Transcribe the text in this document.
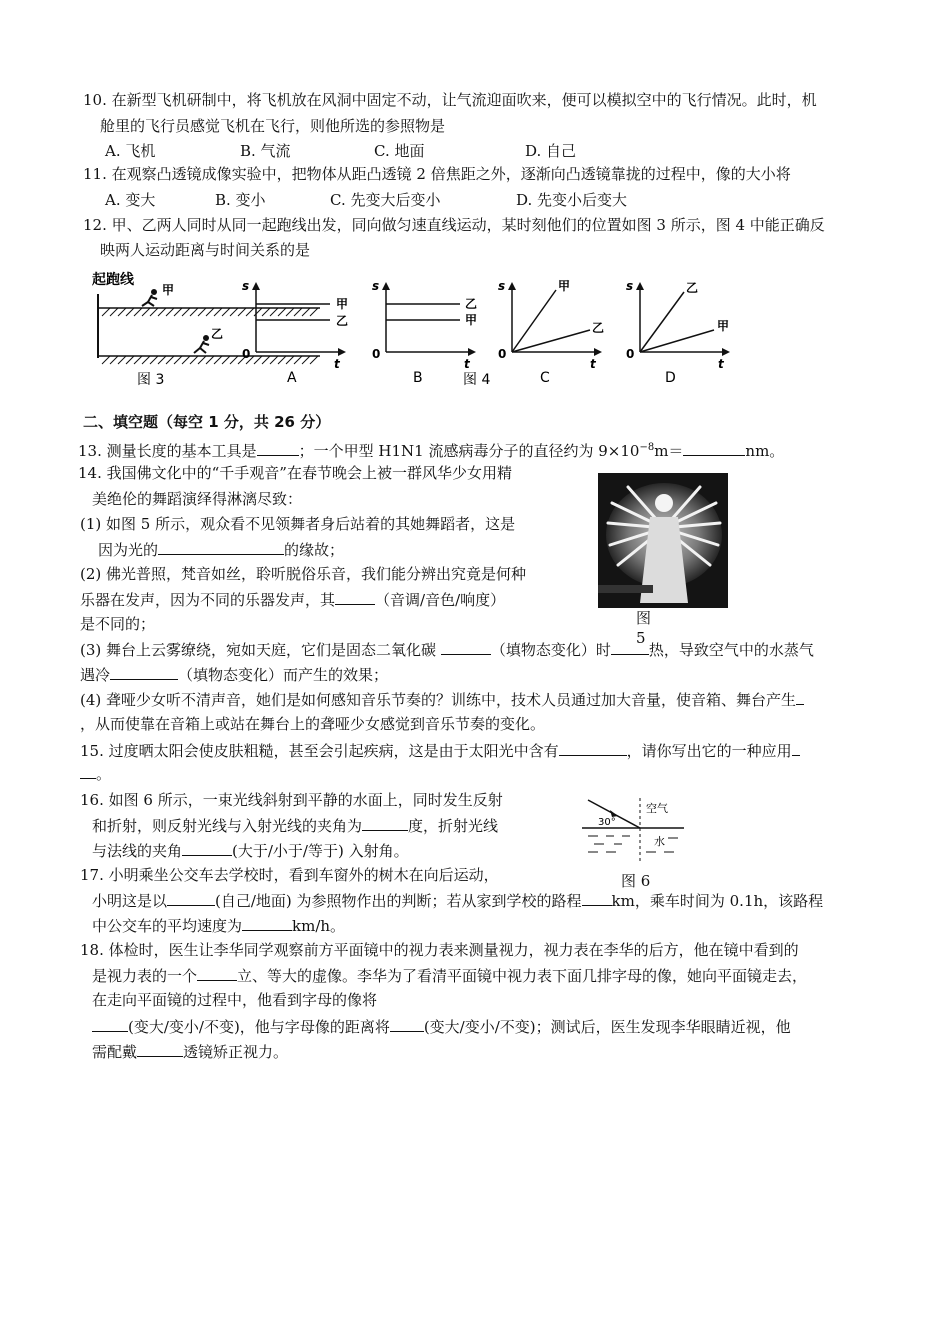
10. 在新型飞机研制中，将飞机放在风洞中固定不动，让气流迎面吹来，便可以模拟空中的飞行情况。此时，机
舱里的飞行员感觉飞机在飞行，则他所选的参照物是
A. 飞机	B. 气流	C. 地面	D. 自己
11. 在观察凸透镜成像实验中，把物体从距凸透镜 2 倍焦距之外，逐渐向凸透镜靠拢的过程中，像的大小将
A. 变大	B. 变小	C. 先变大后变小	D. 先变小后变大
12. 甲、乙两人同时从同一起跑线出发，同向做匀速直线运动，某时刻他们的位置如图 3 所示，图 4 中能正确反
映两人运动距离与时间关系的是
起跑线
甲
乙
图 3
s
0
t
甲
乙
A
s
0
t
乙
甲
B	图 4
s
0
t
甲
乙
C
s
0
t
乙
甲
D
二、填空题（每空 1 分，共 26 分）
13. 测量长度的基本工具是	；一个甲型 H1N1 流感病毒分子的直径约为 $9\times 10^{-8}m=$	nm。
14. 我国佛文化中的“千手观音”在春节晚会上被一群风华少女用精
美绝伦的舞蹈演绎得淋漓尽致：
(1) 如图 5 所示，观众看不见领舞者身后站着的其她舞蹈者，这是
因为光的	的缘故；
(2) 佛光普照，梵音如丝，聆听脱俗乐音，我们能分辨出究竟是何种
乐器在发声，因为不同的乐器发声，其	（音调/音色/响度）
是不同的；	图
5
(3) 舞台上云雾缭绕，宛如天庭，它们是固态二氧化碳	（填物态变化）时	热，导致空气中的水蒸气
遇冷	（填物态变化）而产生的效果；
(4) 聋哑少女听不清声音，她们是如何感知音乐节奏的？训练中，技术人员通过加大音量，使音箱、舞台产生
，从而使靠在音箱上或站在舞台上的聋哑少女感觉到音乐节奏的变化。
15. 过度晒太阳会使皮肤粗糙，甚至会引起疾病，这是由于太阳光中含有	，请你写出它的一种应用
。
16. 如图 6 所示，一束光线斜射到平静的水面上，同时发生反射
和折射，则反射光线与入射光线的夹角为	度，折射光线
与法线的夹角	(大于/小于/等于) 入射角。
30°
空气
水
图 6
17. 小明乘坐公交车去学校时，看到车窗外的树木在向后运动，
小明这是以	(自己/地面) 为参照物作出的判断；若从家到学校的路程 km，乘车时间为 0.1h，该路程
中公交车的平均速度为	km/h。
18. 体检时，医生让李华同学观察前方平面镜中的视力表来测量视力，视力表在李华的后方，他在镜中看到的
是视力表的一个	立、等大的虚像。李华为了看清平面镜中视力表下面几排字母的像，她向平面镜走去，
在走向平面镜的过程中，他看到字母的像将
(变大/变小/不变)，他与字母像的距离将 (变大/变小/不变)；测试后，医生发现李华眼睛近视，他
需配戴	透镜矫正视力。
